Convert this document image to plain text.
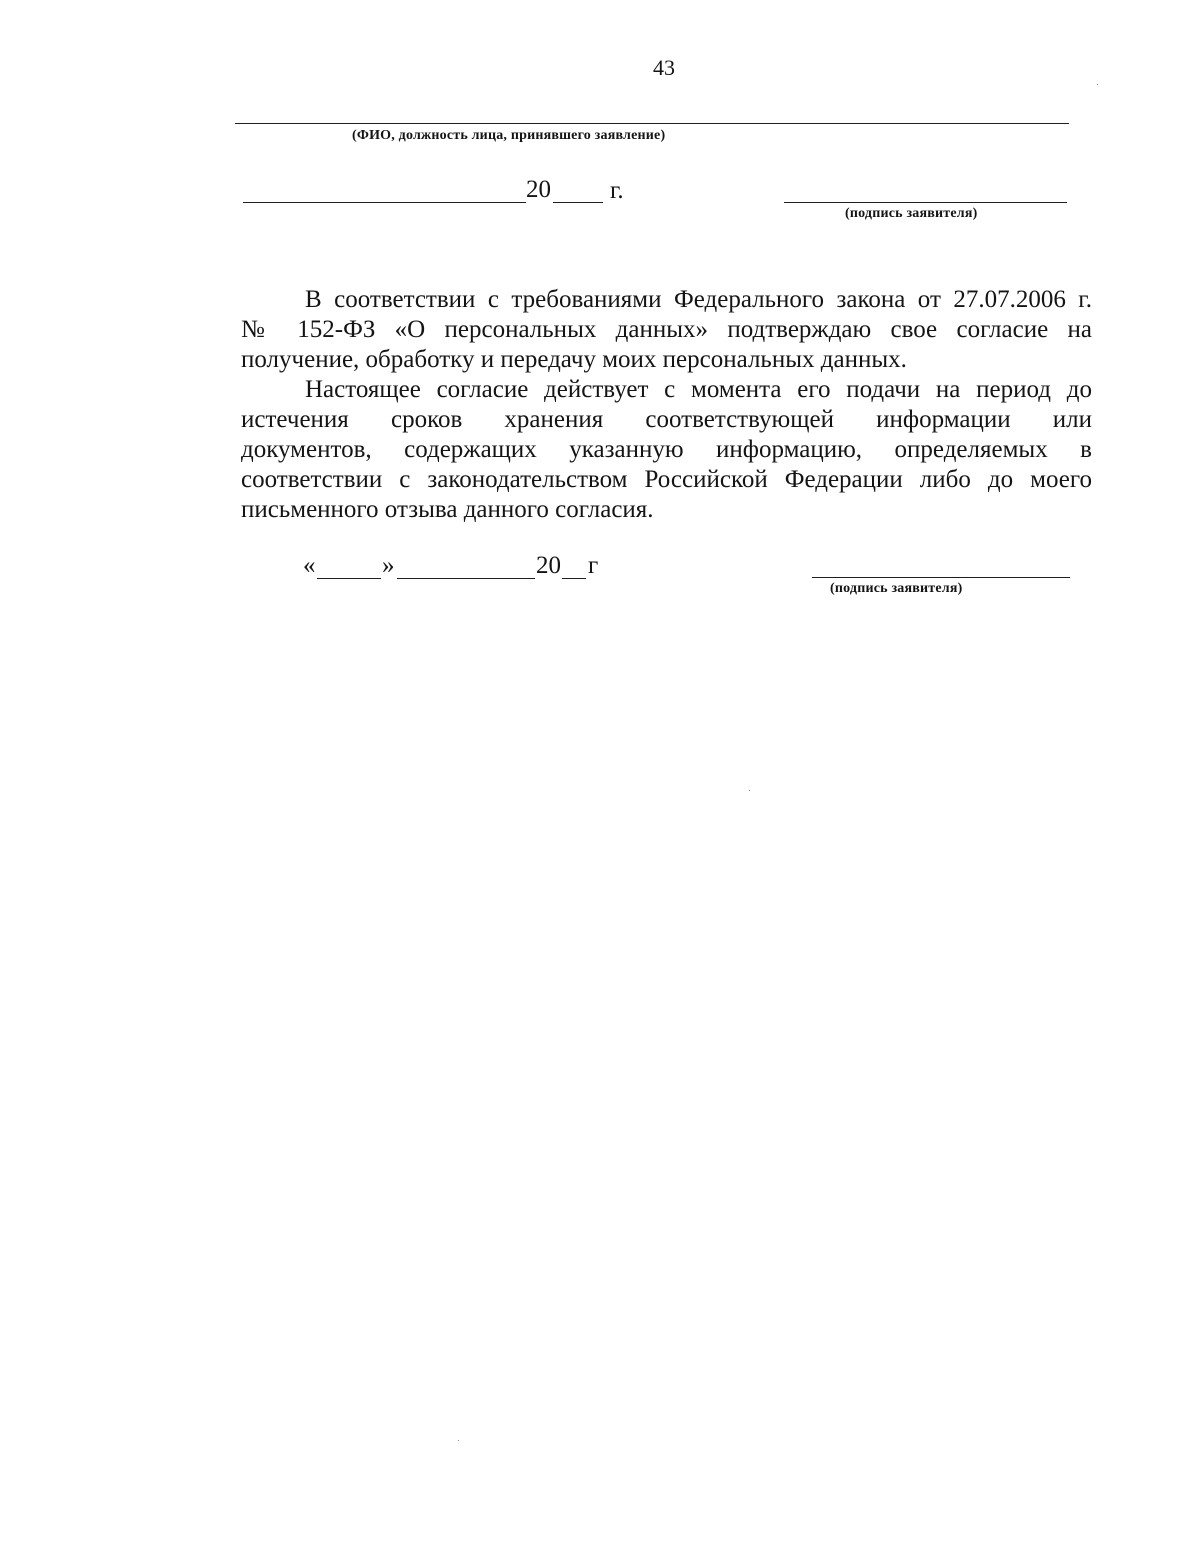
43
(ФИО, должность лица, принявшего заявление)
20 г.
(подпись заявителя)

В соответствии с требованиями Федерального закона от 27.07.2006 г.
№ 152-ФЗ «О персональных данных» подтверждаю свое согласие на
получение, обработку и передачу моих персональных данных.

Настоящее согласие действует с момента его подачи на период до
истечения сроков хранения соответствующей информации или
документов, содержащих указанную информацию, определяемых в
соответствии с законодательством Российской Федерации либо до моего
письменного отзыва данного согласия.

«	»	20 г
(подпись заявителя)
